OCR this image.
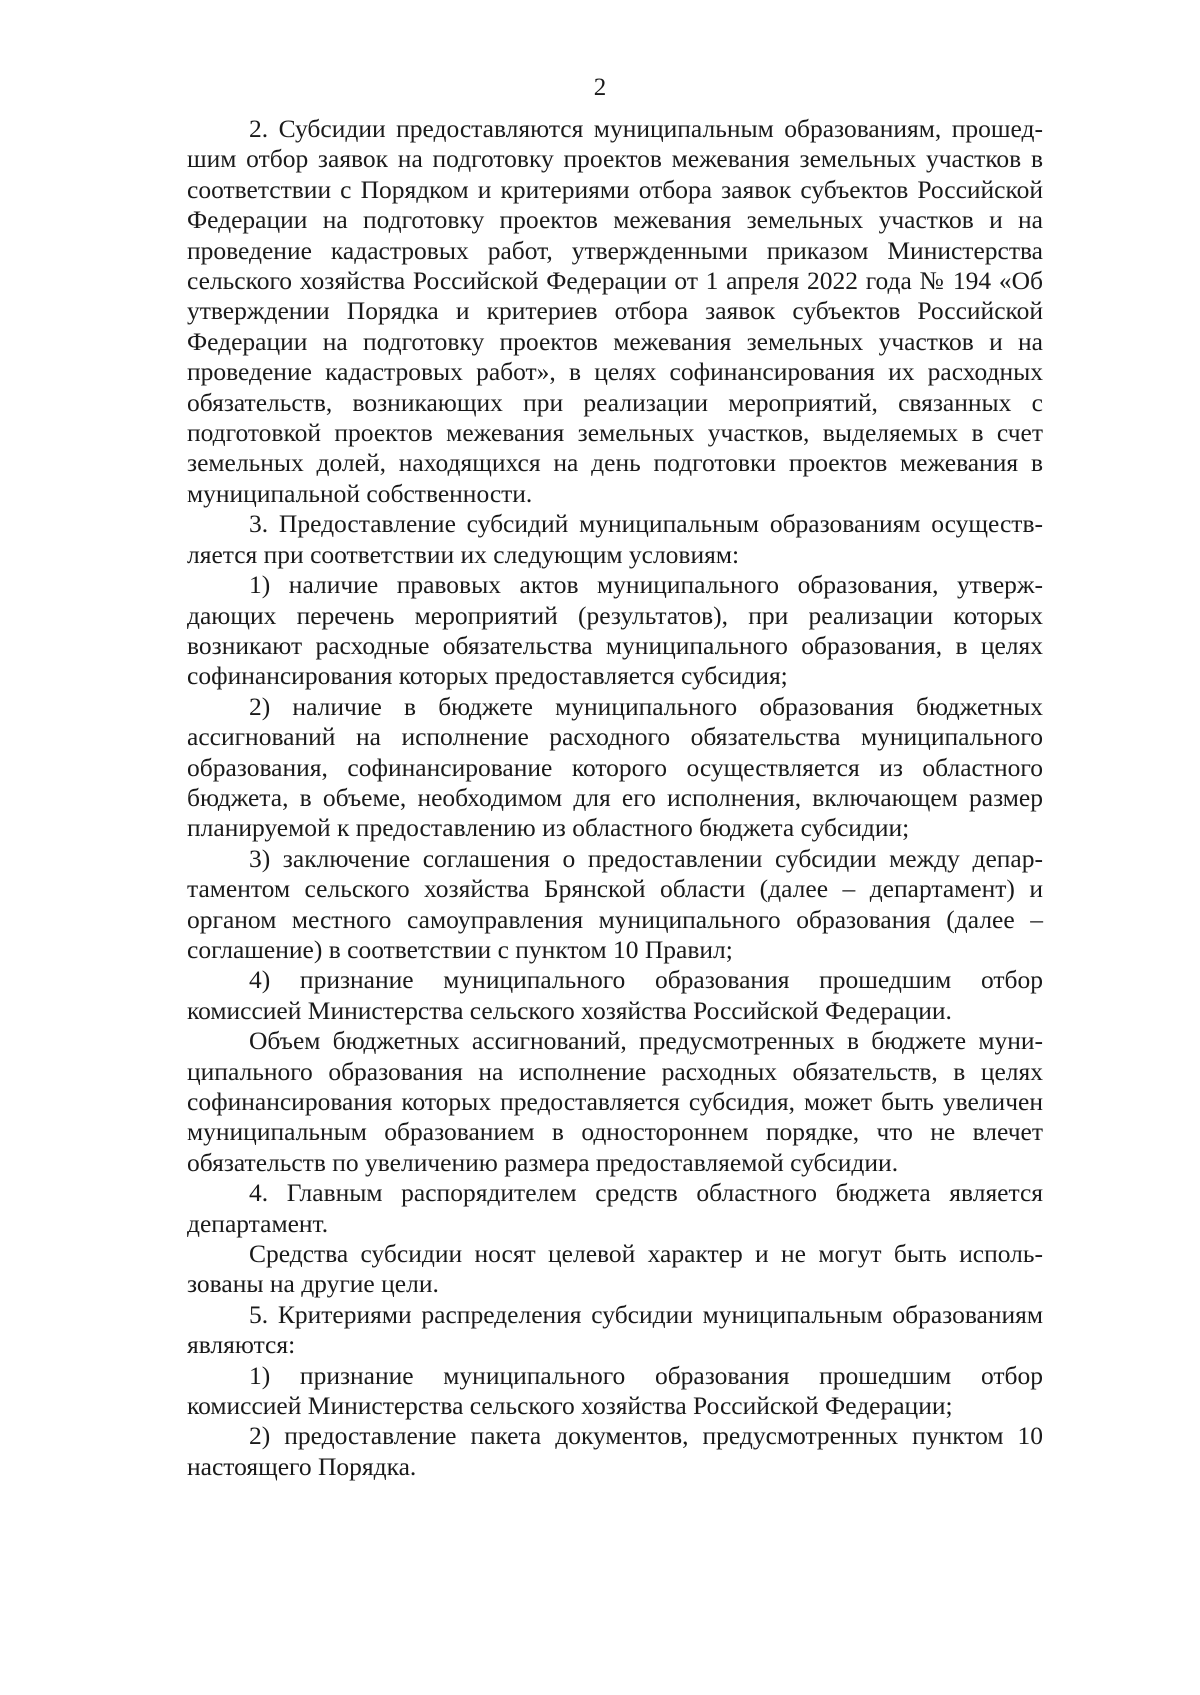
2

2. Субсидии предоставляются муниципальным образованиям, прошедшим отбор заявок на подготовку проектов межевания земельных участков в соответствии с Порядком и критериями отбора заявок субъектов Российской Федерации на подготовку проектов межевания земельных участков и на проведение кадастровых работ, утвержденными приказом Министерства сельского хозяйства Российской Федерации от 1 апреля 2022 года № 194 «Об утверждении Порядка и критериев отбора заявок субъектов Российской Федерации на подготовку проектов межевания земельных участков и на проведение кадастровых работ», в целях софинансирования их расходных обязательств, возникающих при реализации мероприятий, связанных с подготовкой проектов межевания земельных участков, выделяемых в счет земельных долей, находящихся на день подготовки проектов межевания в муниципальной собственности.

3. Предоставление субсидий муниципальным образованиям осуществляется при соответствии их следующим условиям:

1) наличие правовых актов муниципального образования, утверждающих перечень мероприятий (результатов), при реализации которых возникают расходные обязательства муниципального образования, в целях софинансирования которых предоставляется субсидия;

2) наличие в бюджете муниципального образования бюджетных ассигнований на исполнение расходного обязательства муниципального образования, софинансирование которого осуществляется из областного бюджета, в объеме, необходимом для его исполнения, включающем размер планируемой к предоставлению из областного бюджета субсидии;

3) заключение соглашения о предоставлении субсидии между департаментом сельского хозяйства Брянской области (далее – департамент) и органом местного самоуправления муниципального образования (далее – соглашение) в соответствии с пунктом 10 Правил;

4) признание муниципального образования прошедшим отбор комиссией Министерства сельского хозяйства Российской Федерации.

Объем бюджетных ассигнований, предусмотренных в бюджете муниципального образования на исполнение расходных обязательств, в целях софинансирования которых предоставляется субсидия, может быть увеличен муниципальным образованием в одностороннем порядке, что не влечет обязательств по увеличению размера предоставляемой субсидии.

4. Главным распорядителем средств областного бюджета является департамент.

Средства субсидии носят целевой характер и не могут быть использованы на другие цели.

5. Критериями распределения субсидии муниципальным образованиям являются:

1) признание муниципального образования прошедшим отбор комиссией Министерства сельского хозяйства Российской Федерации;

2) предоставление пакета документов, предусмотренных пунктом 10 настоящего Порядка.
